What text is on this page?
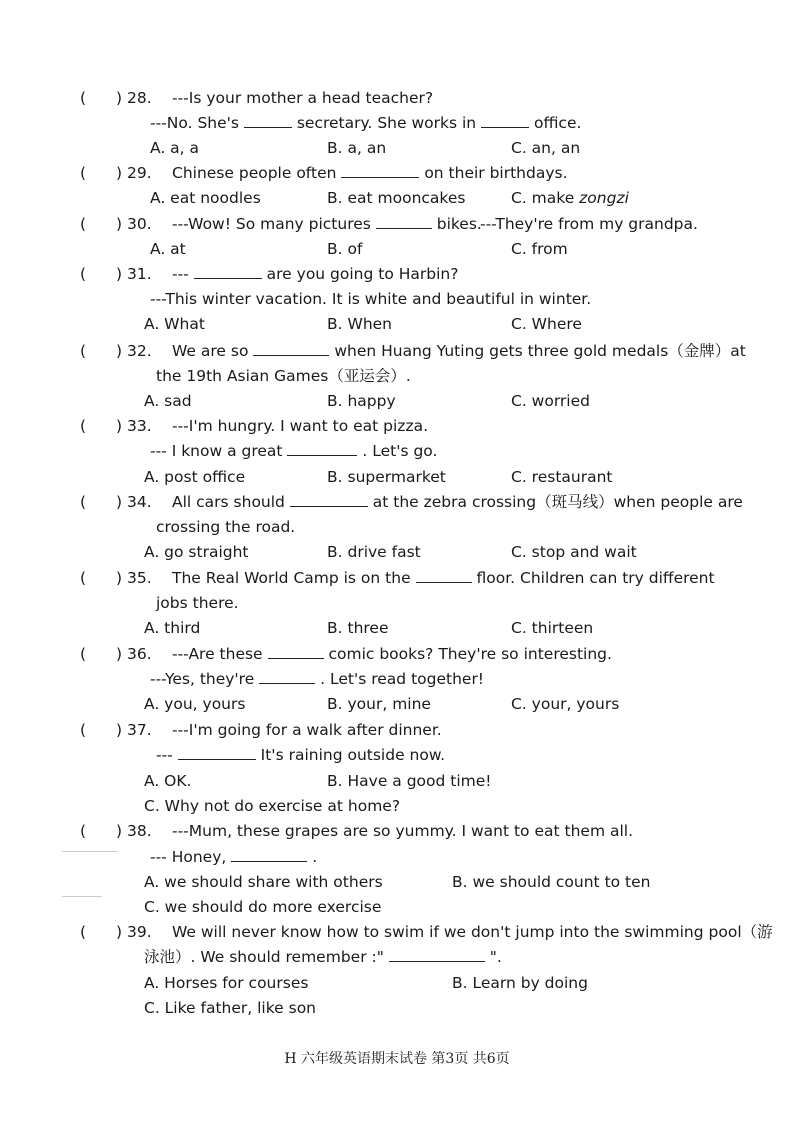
( ) 28. ---Is your mother a head teacher?
---No. She's	secretary. She works in	office.
A. a, a	B. a, an	C. an, an
( ) 29. Chinese people often	on their birthdays.
A. eat noodles	B. eat mooncakes	C. make zongzi
( ) 30. ---Wow! So many pictures	bikes.
---They're from my grandpa.
A. at	B. of	C. from
( ) 31. ---	are you going to Harbin?
---This winter vacation. It is white and beautiful in winter.
A. What	B. When	C. Where
( ) 32. We are so	when Huang Yuting gets three gold medals（金牌）at
the 19th Asian Games（亚运会）.
A. sad	B. happy	C. worried
( ) 33. ---I'm hungry. I want to eat pizza.
--- I know a great	. Let's go.
A. post office	B. supermarket	C. restaurant
( ) 34. All cars should	at the zebra crossing（斑马线）when people are
crossing the road.
A. go straight	B. drive fast	C. stop and wait
( ) 35. The Real World Camp is on the	floor. Children can try different
jobs there.
A. third	B. three	C. thirteen
( ) 36. ---Are these	comic books? They're so interesting.
---Yes, they're	. Let's read together!
A. you, yours	B. your, mine	C. your, yours
( ) 37. ---I'm going for a walk after dinner.
---	It's raining outside now.
A. OK.	B. Have a good time!
C. Why not do exercise at home?
( ) 38. ---Mum, these grapes are so yummy. I want to eat them all.
--- Honey,	.
A. we should share with others	B. we should count to ten
C. we should do more exercise
( ) 39. We will never know how to swim if we don't jump into the swimming pool（游
泳池）. We should remember :"	".
A. Horses for courses	B. Learn by doing
C. Like father, like son
H 六年级英语期末试卷 第3页 共6页
